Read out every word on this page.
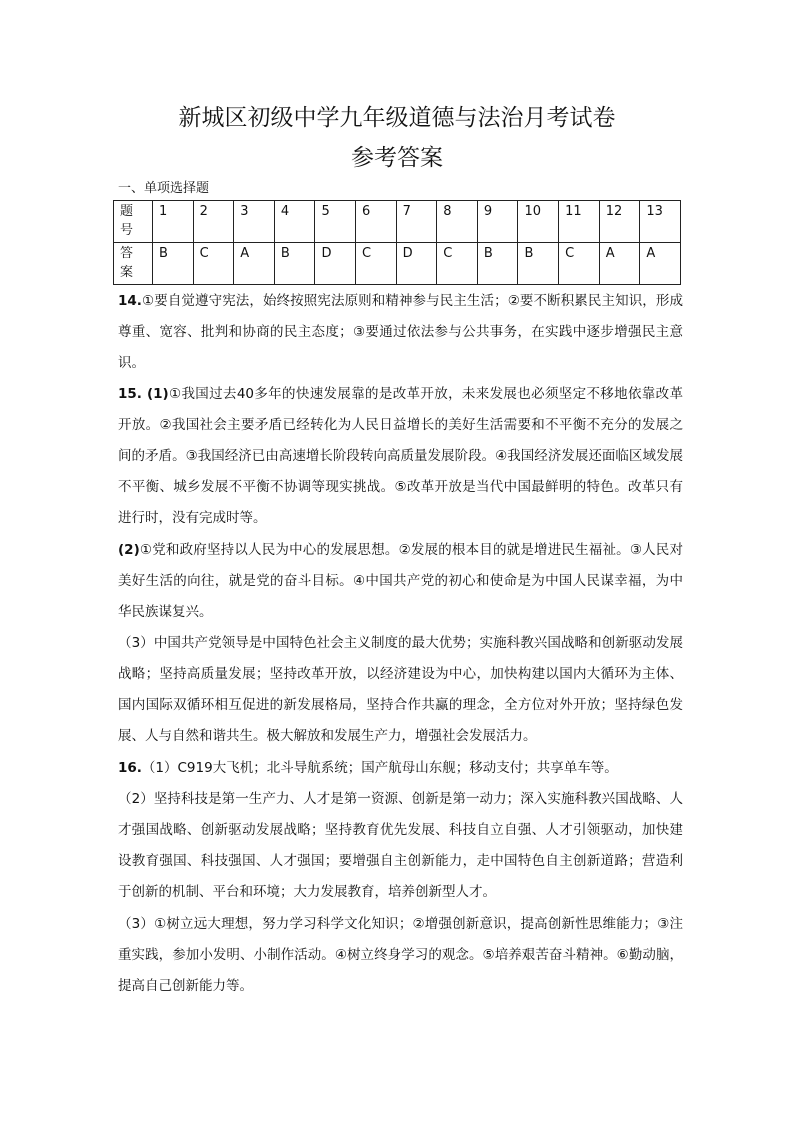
新城区初级中学九年级道德与法治月考试卷
参考答案
一、单项选择题
题
号	1	2	3	4	5	6	7	8	9	10	11	12	13
答
案	B	C	A	B	D	C	D	C	B	B	C	A	A
14.①要自觉遵守宪法，始终按照宪法原则和精神参与民主生活；②要不断积累民主知识，形成尊重、宽容、批判和协商的民主态度；③要通过依法参与公共事务，在实践中逐步增强民主意识。
15. (1)①我国过去40多年的快速发展靠的是改革开放，未来发展也必须坚定不移地依靠改革开放。②我国社会主要矛盾已经转化为人民日益增长的美好生活需要和不平衡不充分的发展之间的矛盾。③我国经济已由高速增长阶段转向高质量发展阶段。④我国经济发展还面临区域发展不平衡、城乡发展不平衡不协调等现实挑战。⑤改革开放是当代中国最鲜明的特色。改革只有进行时，没有完成时等。
(2)①党和政府坚持以人民为中心的发展思想。②发展的根本目的就是增进民生福祉。③人民对美好生活的向往，就是党的奋斗目标。④中国共产党的初心和使命是为中国人民谋幸福，为中华民族谋复兴。
（3）中国共产党领导是中国特色社会主义制度的最大优势；实施科教兴国战略和创新驱动发展战略；坚持高质量发展；坚持改革开放，以经济建设为中心，加快构建以国内大循环为主体、国内国际双循环相互促进的新发展格局，坚持合作共赢的理念，全方位对外开放；坚持绿色发展、人与自然和谐共生。极大解放和发展生产力，增强社会发展活力。
16.（1）C919大飞机；北斗导航系统；国产航母山东舰；移动支付；共享单车等。
（2）坚持科技是第一生产力、人才是第一资源、创新是第一动力；深入实施科教兴国战略、人才强国战略、创新驱动发展战略；坚持教育优先发展、科技自立自强、人才引领驱动，加快建设教育强国、科技强国、人才强国；要增强自主创新能力，走中国特色自主创新道路；营造利于创新的机制、平台和环境；大力发展教育，培养创新型人才。
（3）①树立远大理想，努力学习科学文化知识；②增强创新意识，提高创新性思维能力；③注重实践，参加小发明、小制作活动。④树立终身学习的观念。⑤培养艰苦奋斗精神。⑥勤动脑，提高自己创新能力等。
